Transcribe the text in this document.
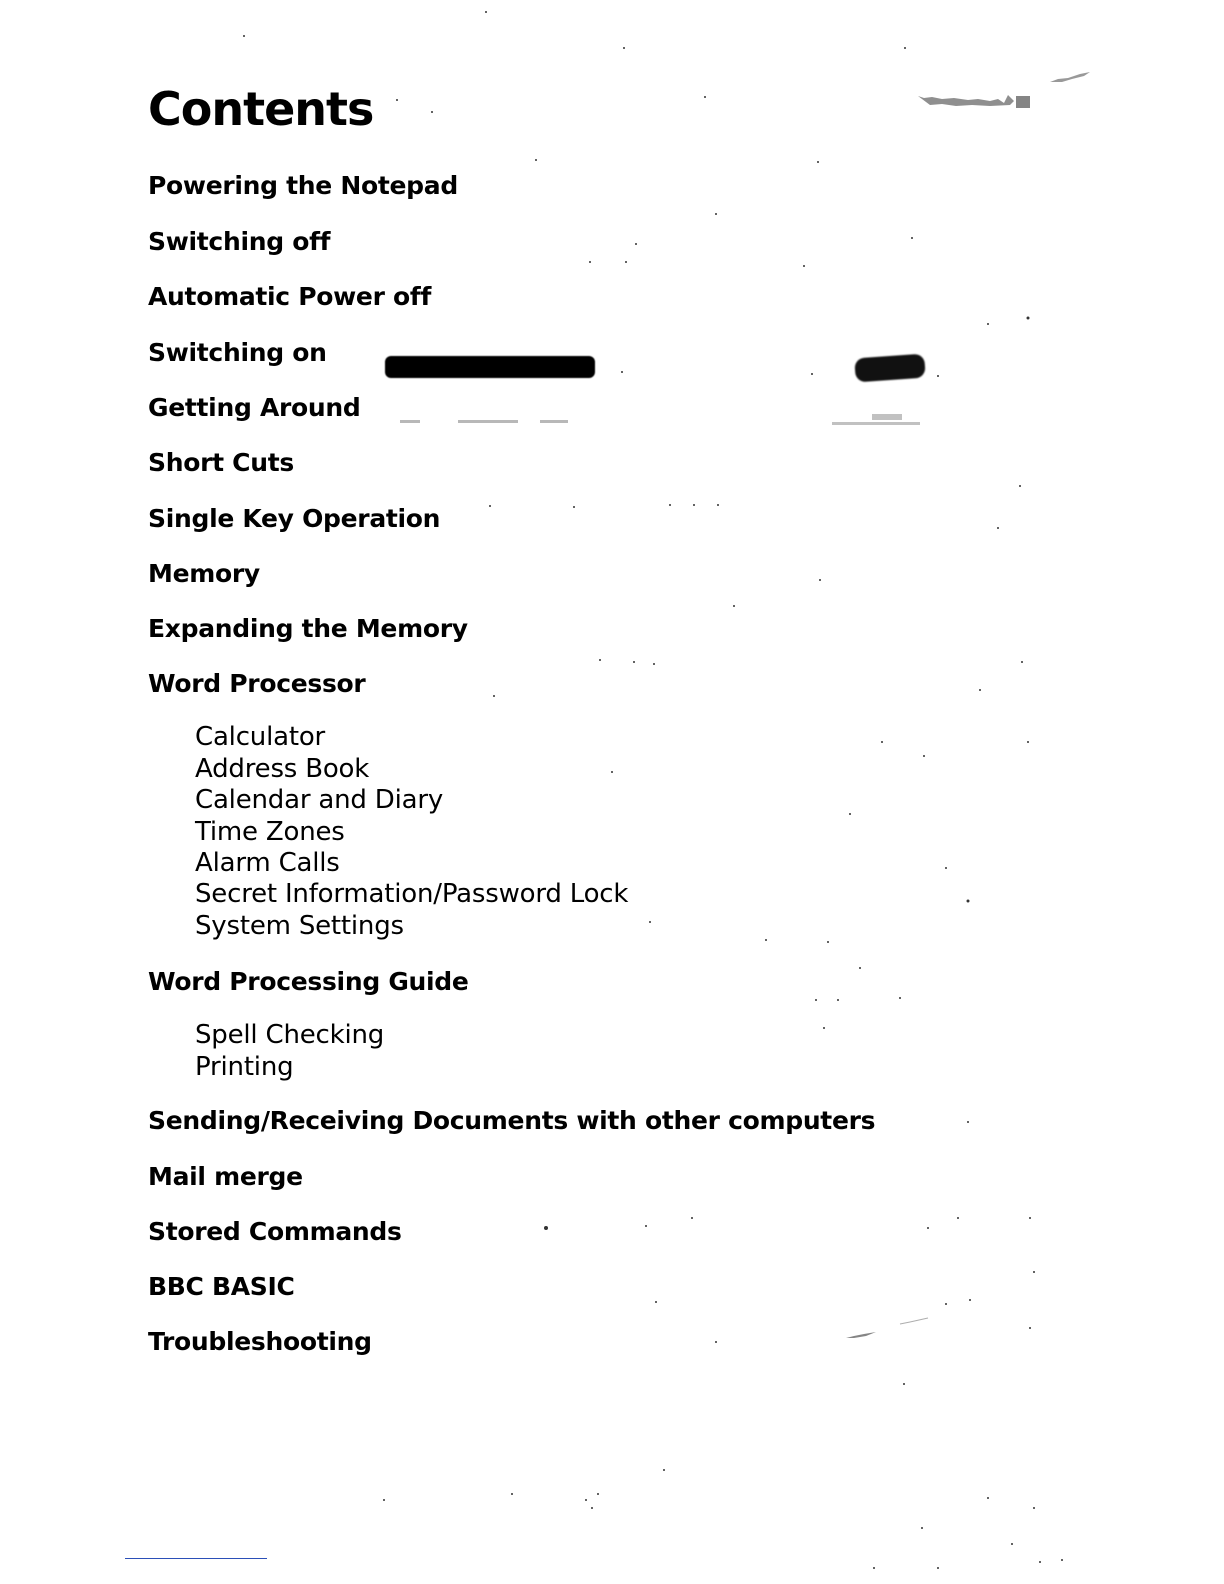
Contents

Powering the Notepad

Switching off

Automatic Power off

Switching on

Getting Around

Short Cuts

Single Key Operation

Memory

Expanding the Memory

Word Processor

Calculator

Address Book

Calendar and Diary

Time Zones

Alarm Calls

Secret Information/Password Lock

System Settings

Word Processing Guide

Spell Checking

Printing

Sending/Receiving Documents with other computers

Mail merge

Stored Commands

BBC BASIC

Troubleshooting
